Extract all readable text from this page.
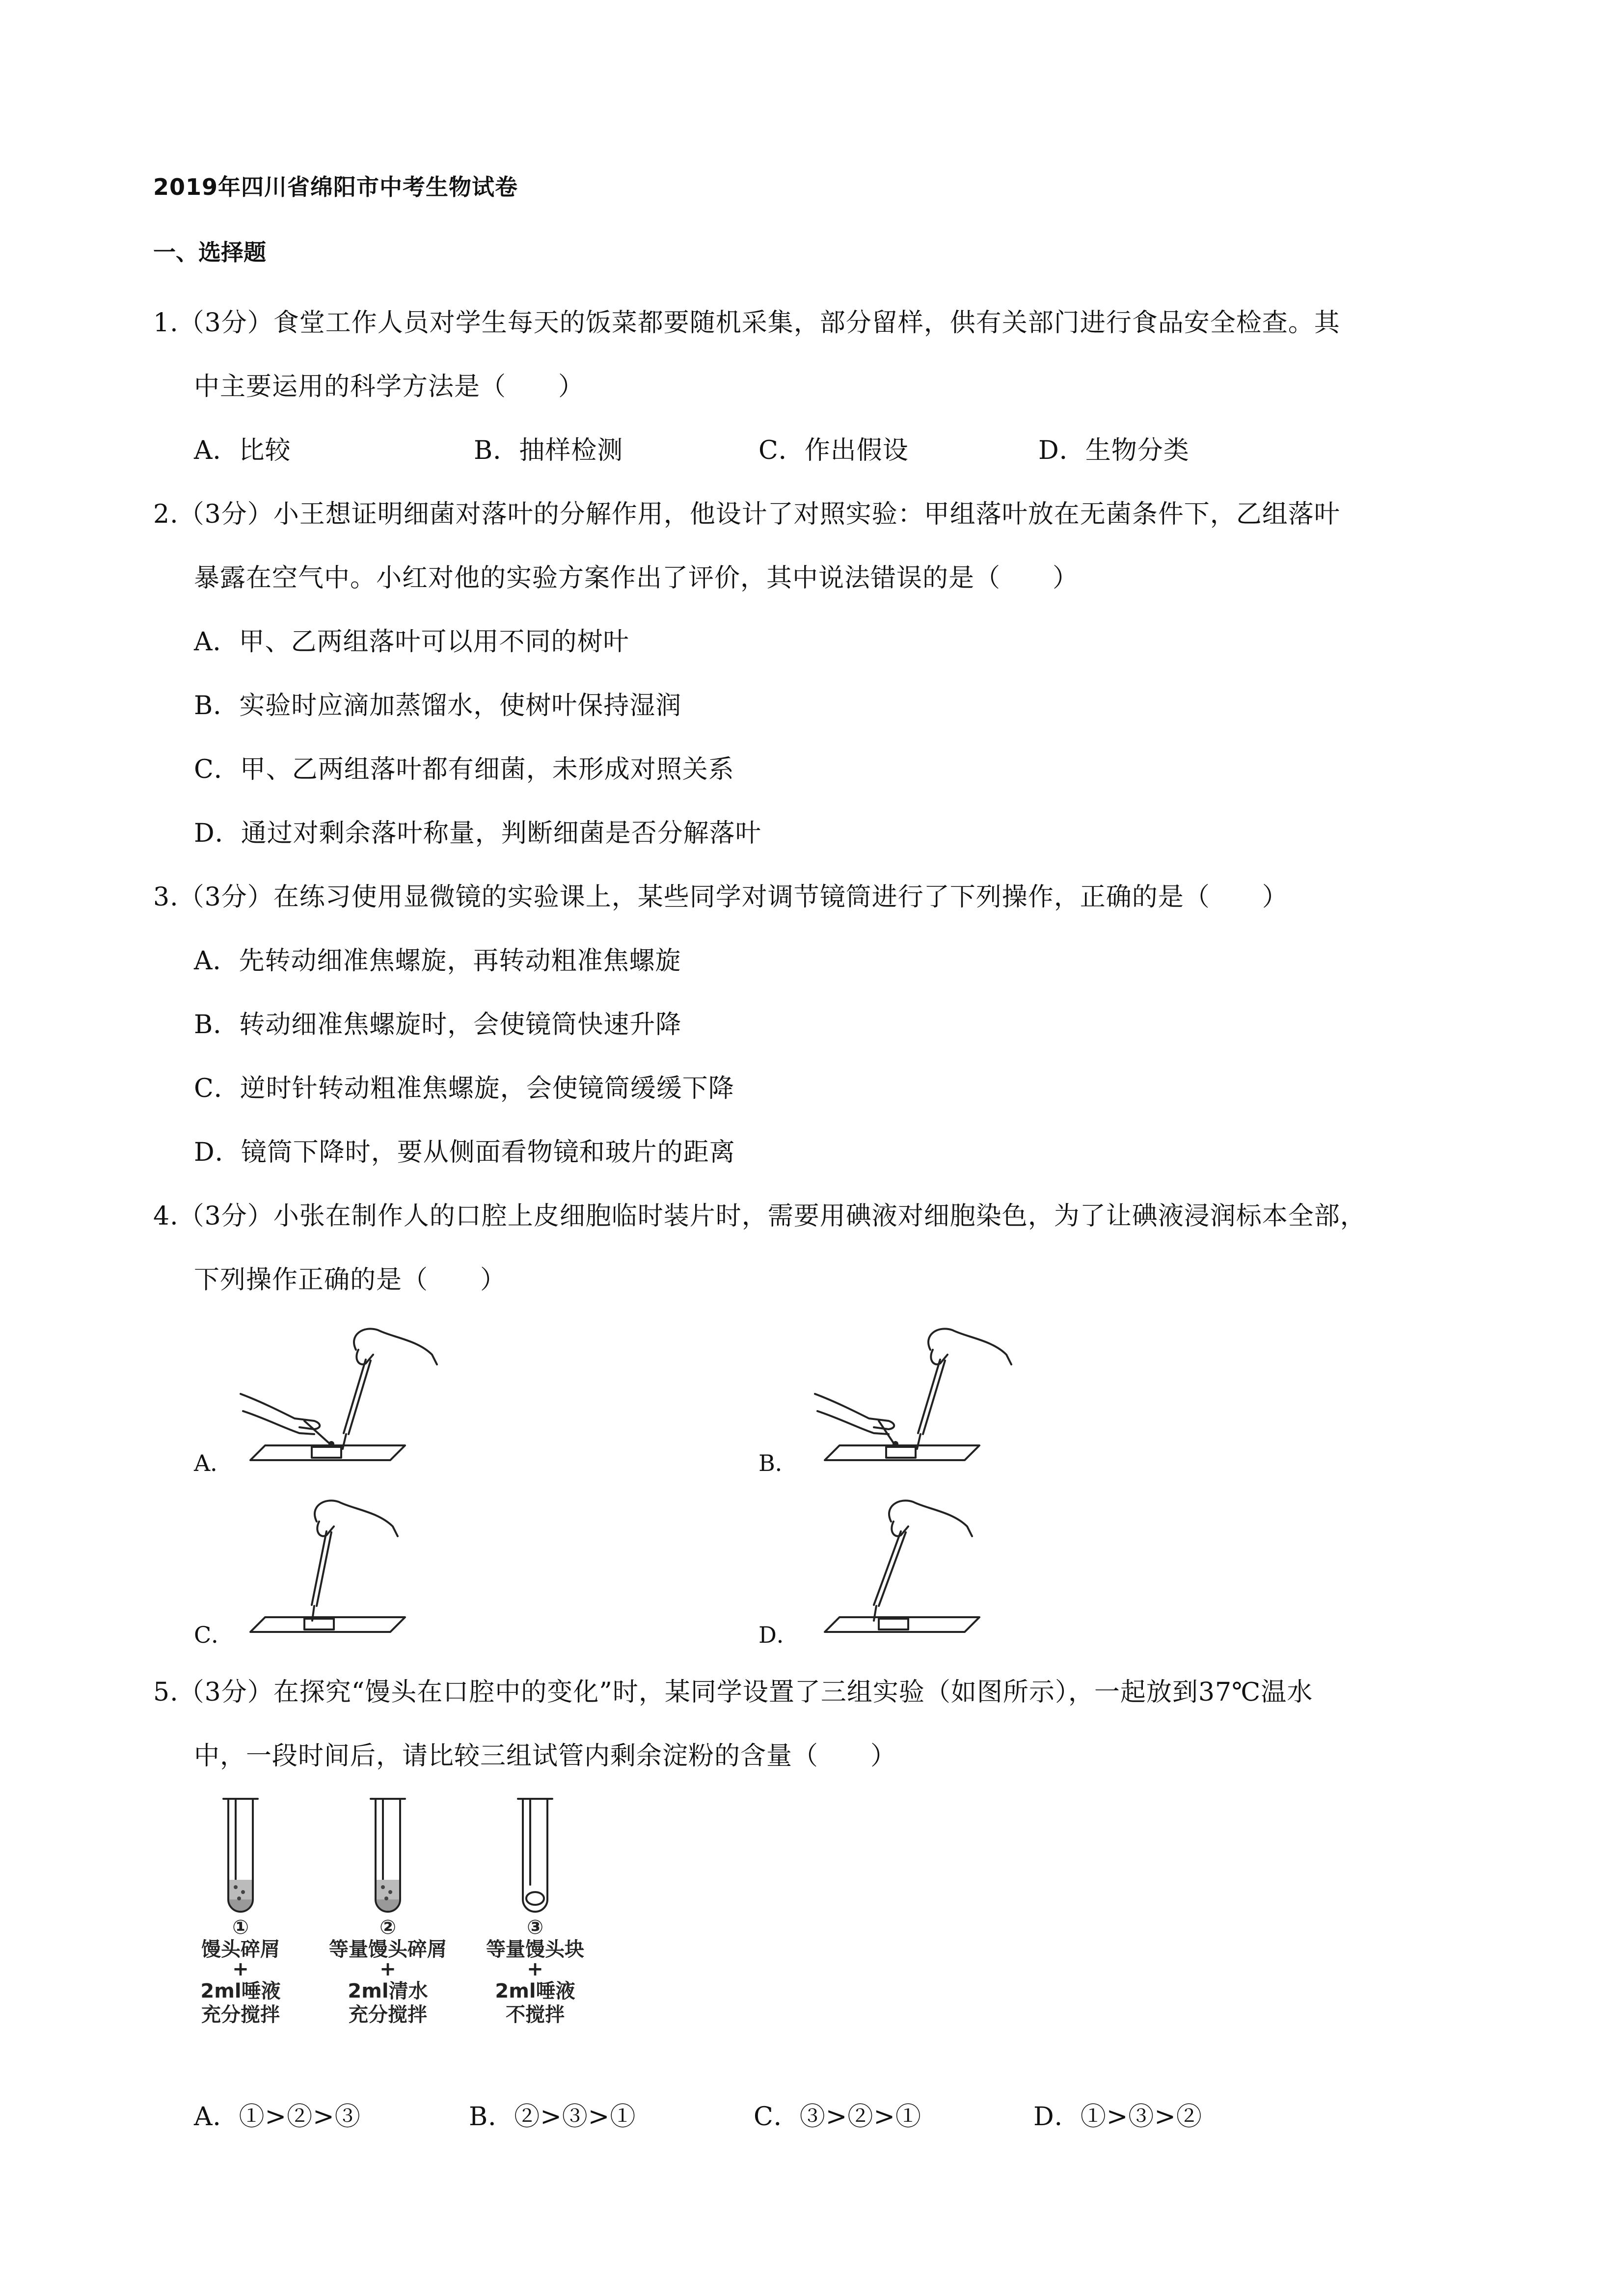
2019年四川省绵阳市中考生物试卷
一、选择题
1.（3分）食堂工作人员对学生每天的饭菜都要随机采集，部分留样，供有关部门进行食品安全检查。其
中主要运用的科学方法是（　　）
A．比较	B．抽样检测	C．作出假设	D．生物分类
2.（3分）小王想证明细菌对落叶的分解作用，他设计了对照实验：甲组落叶放在无菌条件下，乙组落叶
暴露在空气中。小红对他的实验方案作出了评价，其中说法错误的是（　　）
A．甲、乙两组落叶可以用不同的树叶
B．实验时应滴加蒸馏水，使树叶保持湿润
C．甲、乙两组落叶都有细菌，未形成对照关系
D．通过对剩余落叶称量，判断细菌是否分解落叶
3.（3分）在练习使用显微镜的实验课上，某些同学对调节镜筒进行了下列操作，正确的是（　　）
A．先转动细准焦螺旋，再转动粗准焦螺旋
B．转动细准焦螺旋时，会使镜筒快速升降
C．逆时针转动粗准焦螺旋，会使镜筒缓缓下降
D．镜筒下降时，要从侧面看物镜和玻片的距离
4.（3分）小张在制作人的口腔上皮细胞临时装片时，需要用碘液对细胞染色，为了让碘液浸润标本全部，
下列操作正确的是（　　）
A．	B．
C．	D．
5.（3分）在探究“馒头在口腔中的变化”时，某同学设置了三组实验（如图所示），一起放到37℃温水
中，一段时间后，请比较三组试管内剩余淀粉的含量（　　）
①
馒头碎屑
+
2ml唾液
充分搅拌
②
等量馒头碎屑
+
2ml清水
充分搅拌
③
等量馒头块
+
2ml唾液
不搅拌
A．①>②>③	B．②>③>①	C．③>②>①	D．①>③>②
